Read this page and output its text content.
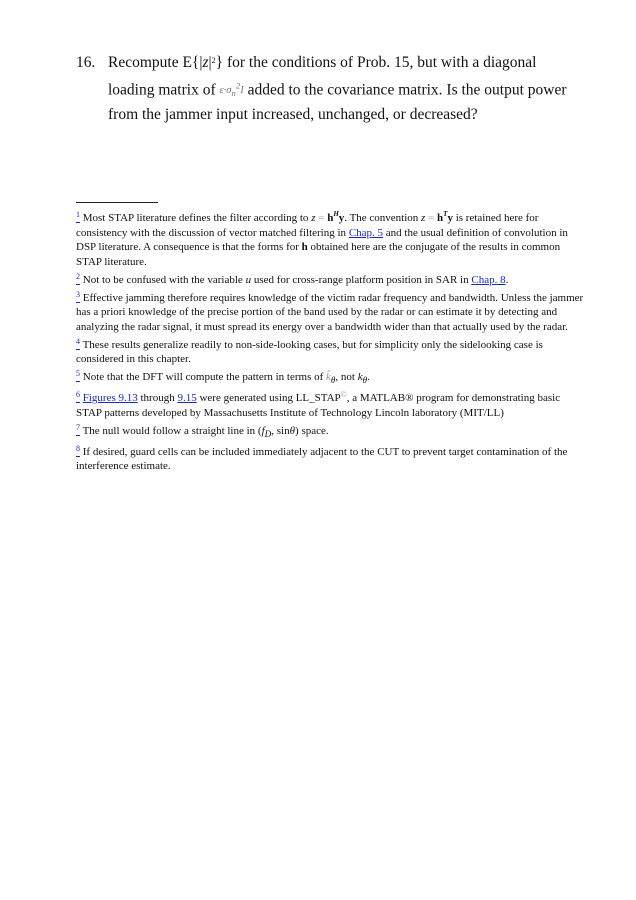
16. Recompute E{|z|$^2$} for the conditions of Prob. 15, but with a diagonal
loading matrix of $\varepsilon\cdot\sigma_n^2I$ added to the covariance matrix. Is the output power
from the jammer input increased, unchanged, or decreased?

$^1$ Most STAP literature defines the filter according to $z = h^Hy$. The convention $z = h^Ty$ is retained here for consistency with the discussion of vector matched filtering in Chap. 5 and the usual definition of convolution in DSP literature. A consequence is that the forms for h obtained here are the conjugate of the results in common STAP literature.

$^2$ Not to be confused with the variable u used for cross-range platform position in SAR in Chap. 8.

$^3$ Effective jamming therefore requires knowledge of the victim radar frequency and bandwidth. Unless the jammer has a priori knowledge of the precise portion of the band used by the radar or can estimate it by detecting and analyzing the radar signal, it must spread its energy over a bandwidth wider than that actually used by the radar.

$^4$ These results generalize readily to non-side-looking cases, but for simplicity only the sidelooking case is considered in this chapter.

$^5$ Note that the DFT will compute the pattern in terms of $k̂_\theta$, not $k_\theta$.

$^6$ Figures 9.13 through 9.15 were generated using LL_STAP©, a MATLAB® program for demonstrating basic STAP patterns developed by Massachusetts Institute of Technology Lincoln laboratory (MIT/LL)

$^7$ The null would follow a straight line in ($f_D$, sinθ) space.

$^8$ If desired, guard cells can be included immediately adjacent to the CUT to prevent target contamination of the interference estimate.
